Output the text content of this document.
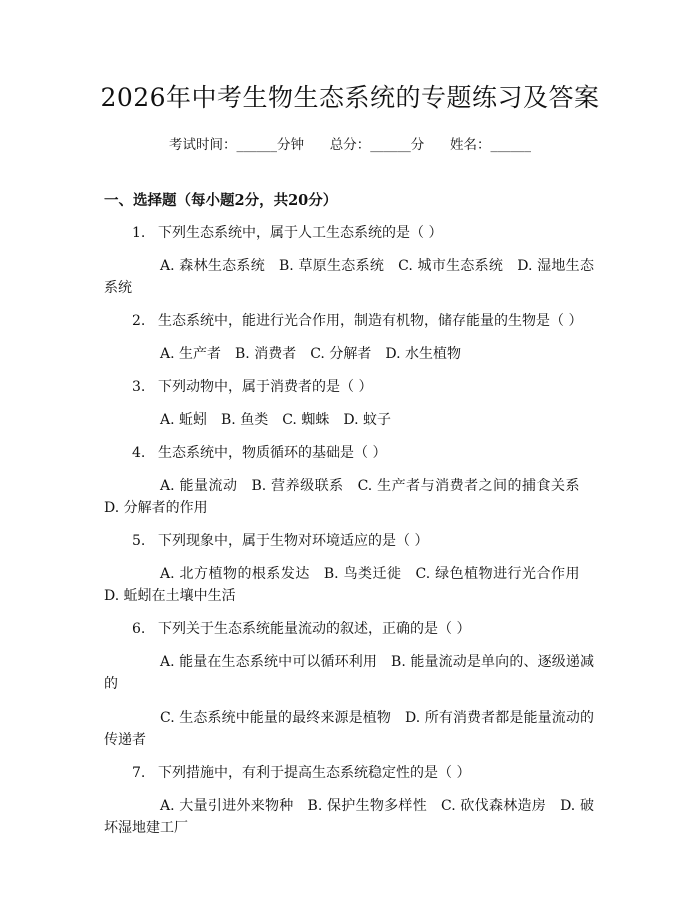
2026年中考生物生态系统的专题练习及答案
考试时间：______分钟      总分：______分      姓名：______
一、选择题（每小题2分，共20分）
1. 下列生态系统中，属于人工生态系统的是（ ）
A. 森林生态系统 B. 草原生态系统 C. 城市生态系统 D. 湿地生态系统
2. 生态系统中，能进行光合作用，制造有机物，储存能量的生物是（ ）
A. 生产者 B. 消费者 C. 分解者 D. 水生植物
3. 下列动物中，属于消费者的是（ ）
A. 蚯蚓 B. 鱼类 C. 蜘蛛 D. 蚊子
4. 生态系统中，物质循环的基础是（ ）
A. 能量流动 B. 营养级联系 C. 生产者与消费者之间的捕食关系D. 分解者的作用
5. 下列现象中，属于生物对环境适应的是（ ）
A. 北方植物的根系发达 B. 鸟类迁徙 C. 绿色植物进行光合作用D. 蚯蚓在土壤中生活
6. 下列关于生态系统能量流动的叙述，正确的是（ ）
A. 能量在生态系统中可以循环利用 B. 能量流动是单向的、逐级递减的
C. 生态系统中能量的最终来源是植物 D. 所有消费者都是能量流动的传递者
7. 下列措施中，有利于提高生态系统稳定性的是（ ）
A. 大量引进外来物种 B. 保护生物多样性 C. 砍伐森林造房 D. 破坏湿地建工厂
